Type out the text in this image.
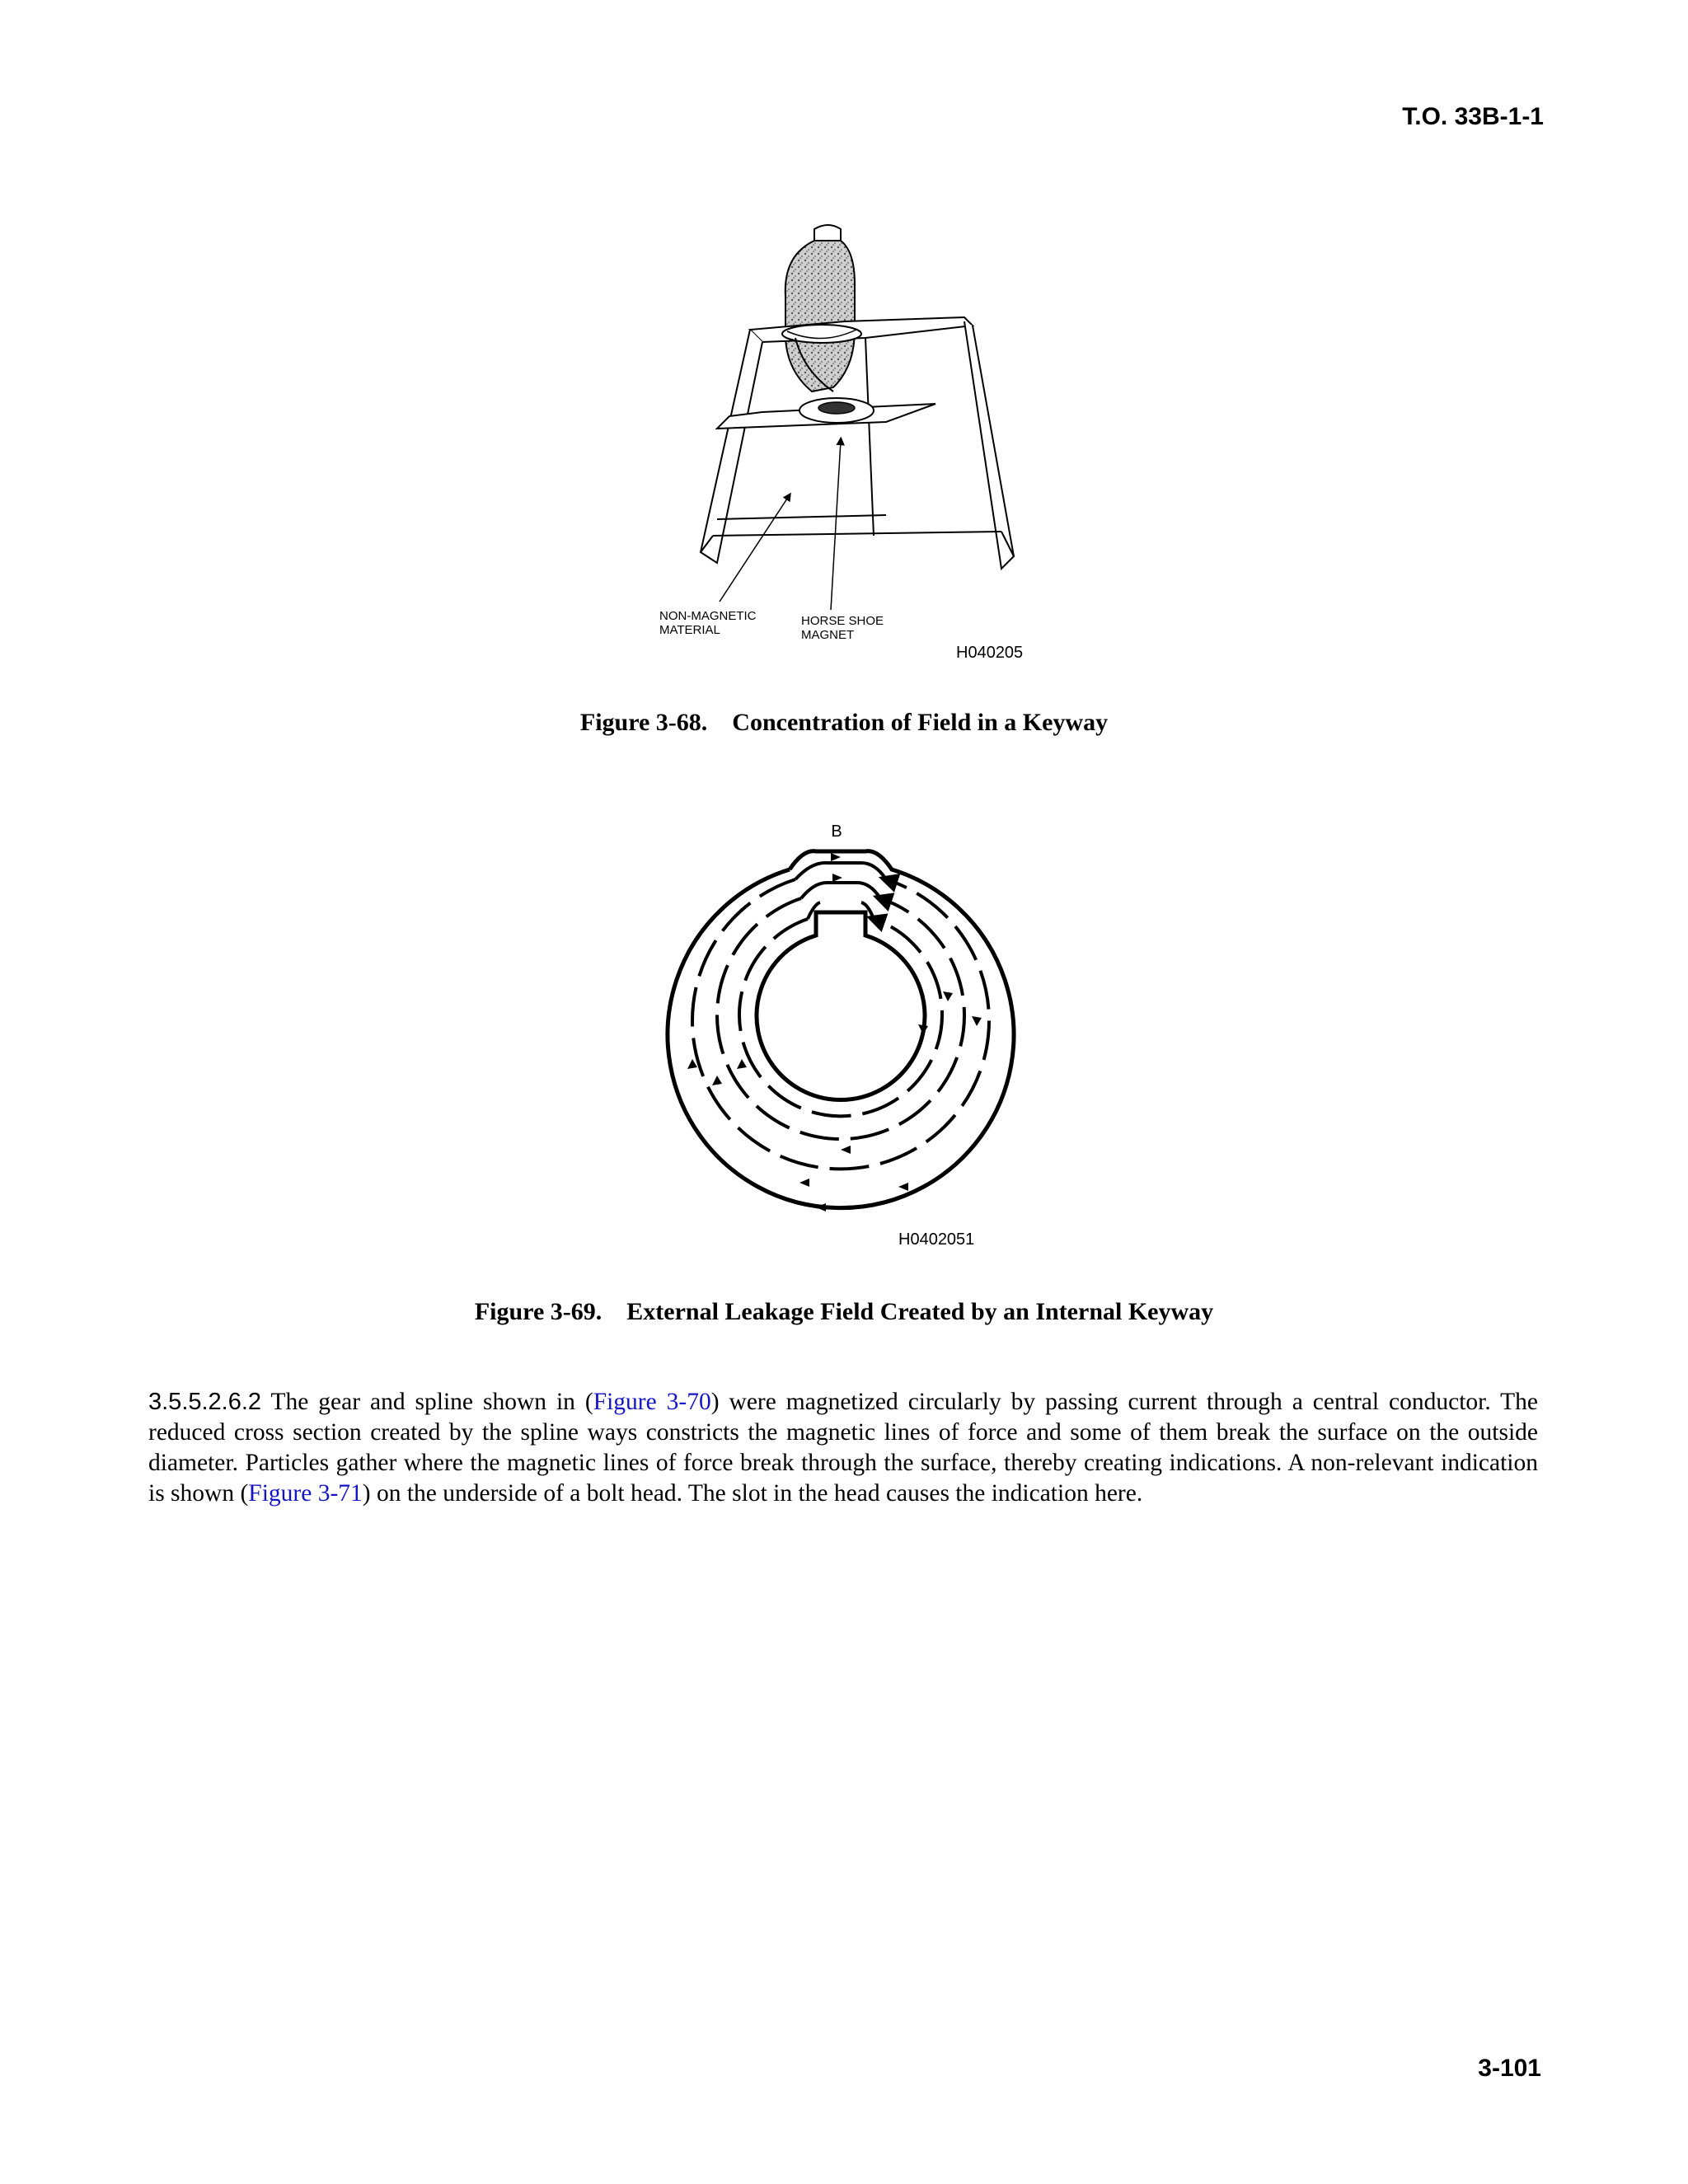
T.O. 33B-1-1
NON-MAGNETIC
MATERIAL
HORSE SHOE
MAGNET
H040205
Figure 3-68.    Concentration of Field in a Keyway
B
H0402051
Figure 3-69.    External Leakage Field Created by an Internal Keyway
3.5.5.2.6.2 The gear and spline shown in (Figure 3-70) were magnetized circularly by passing current through a central conductor. The reduced cross section created by the spline ways constricts the magnetic lines of force and some of them break the surface on the outside diameter. Particles gather where the magnetic lines of force break through the surface, thereby creating indications. A non-relevant indication is shown (Figure 3-71) on the underside of a bolt head. The slot in the head causes the indication here.
3-101
